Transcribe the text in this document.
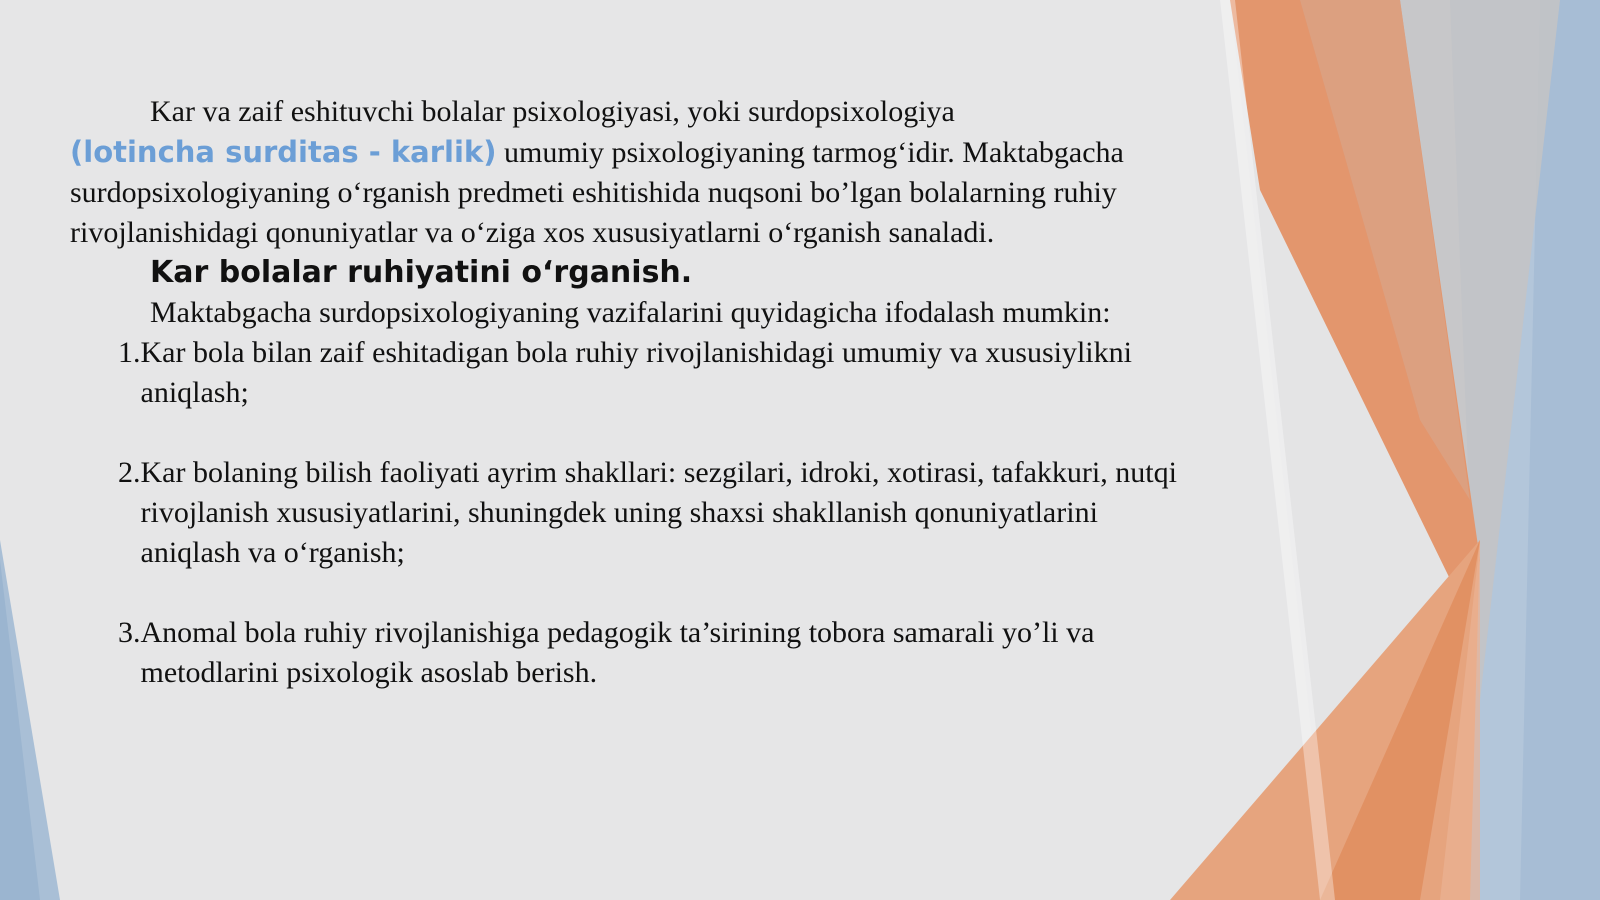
Kar va zaif eshituvchi bolalar psixologiyasi, yoki surdopsixologiya
(lotincha surditas - karlik) umumiy psixologiyaning tarmog‘idir. Maktabgacha surdopsixologiyaning o‘rganish predmeti eshitishida nuqsoni bo’lgan bolalarning ruhiy rivojlanishidagi qonuniyatlar va o‘ziga xos xususiyatlarni o‘rganish sanaladi.

Kar bolalar ruhiyatini o‘rganish.

Maktabgacha surdopsixologiyaning vazifalarini quyidagicha ifodalash mumkin:

1. Kar bola bilan zaif eshitadigan bola ruhiy rivojlanishidagi umumiy va xususiylikni aniqlash;
2. Kar bolaning bilish faoliyati ayrim shakllari: sezgilari, idroki, xotirasi, tafakkuri, nutqi rivojlanish xususiyatlarini, shuningdek uning shaxsi shakllanish qonuniyatlarini aniqlash va o‘rganish;
3. Anomal bola ruhiy rivojlanishiga pedagogik ta’sirining tobora samarali yo’li va metodlarini psixologik asoslab berish.
